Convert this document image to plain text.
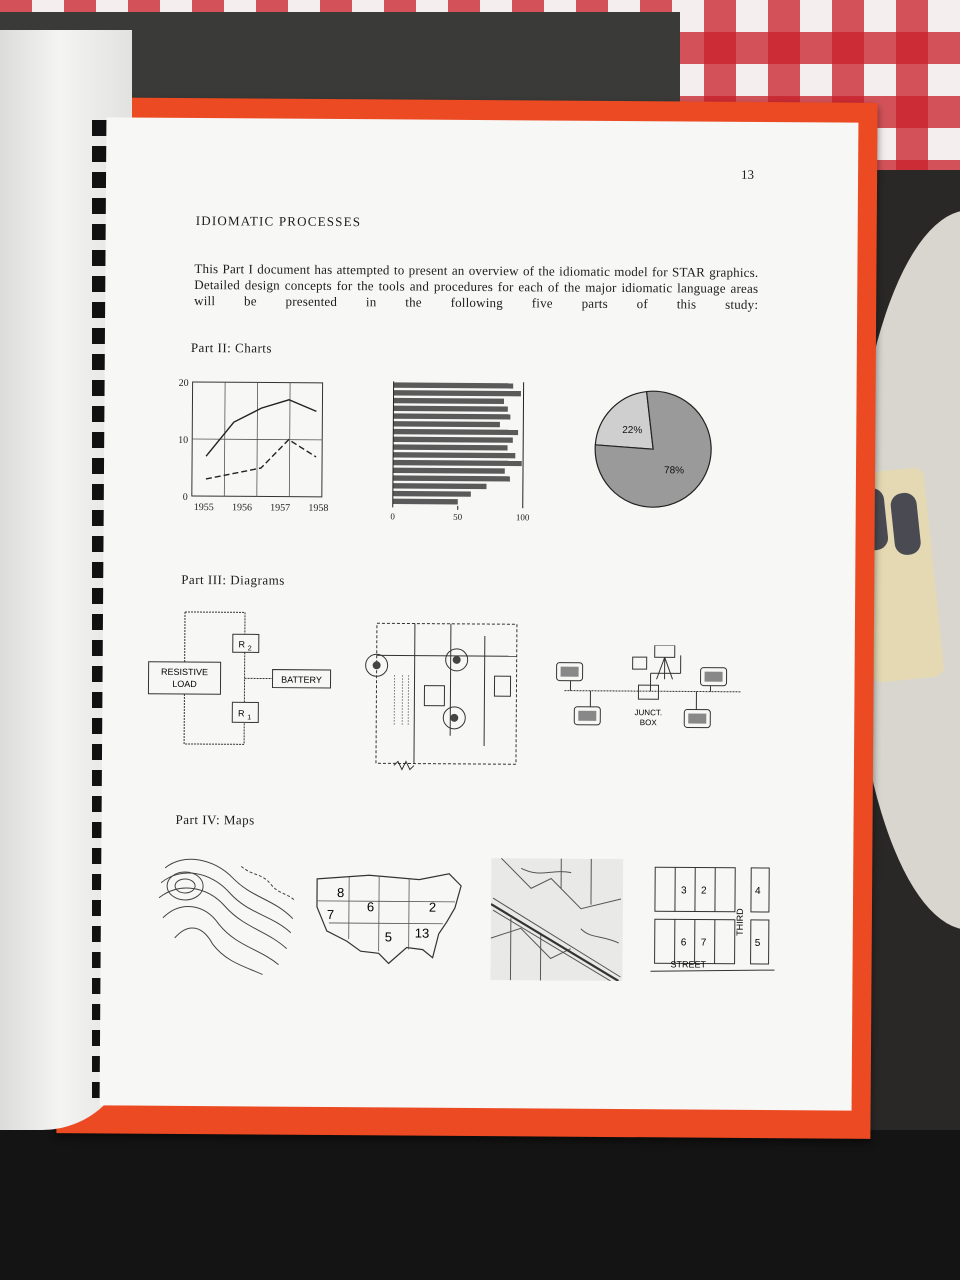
13
IDIOMATIC PROCESSES
This Part I document has attempted to present an overview of the idiomatic model for STAR graphics. Detailed design concepts for the tools and procedures for each of the major idiomatic language areas will be presented in the following five parts of this study:
Part II: Charts
0
10
20
1955 1956 1957 1958
0	50	100
22%
78%
Part III: Diagrams
RESISTIVE
LOAD
R 2
R 1
BATTERY
JUNCT.
BOX
Part IV: Maps
8
7
6	2
5 13
3 2	4
6 7	5
THIRD
STREET
